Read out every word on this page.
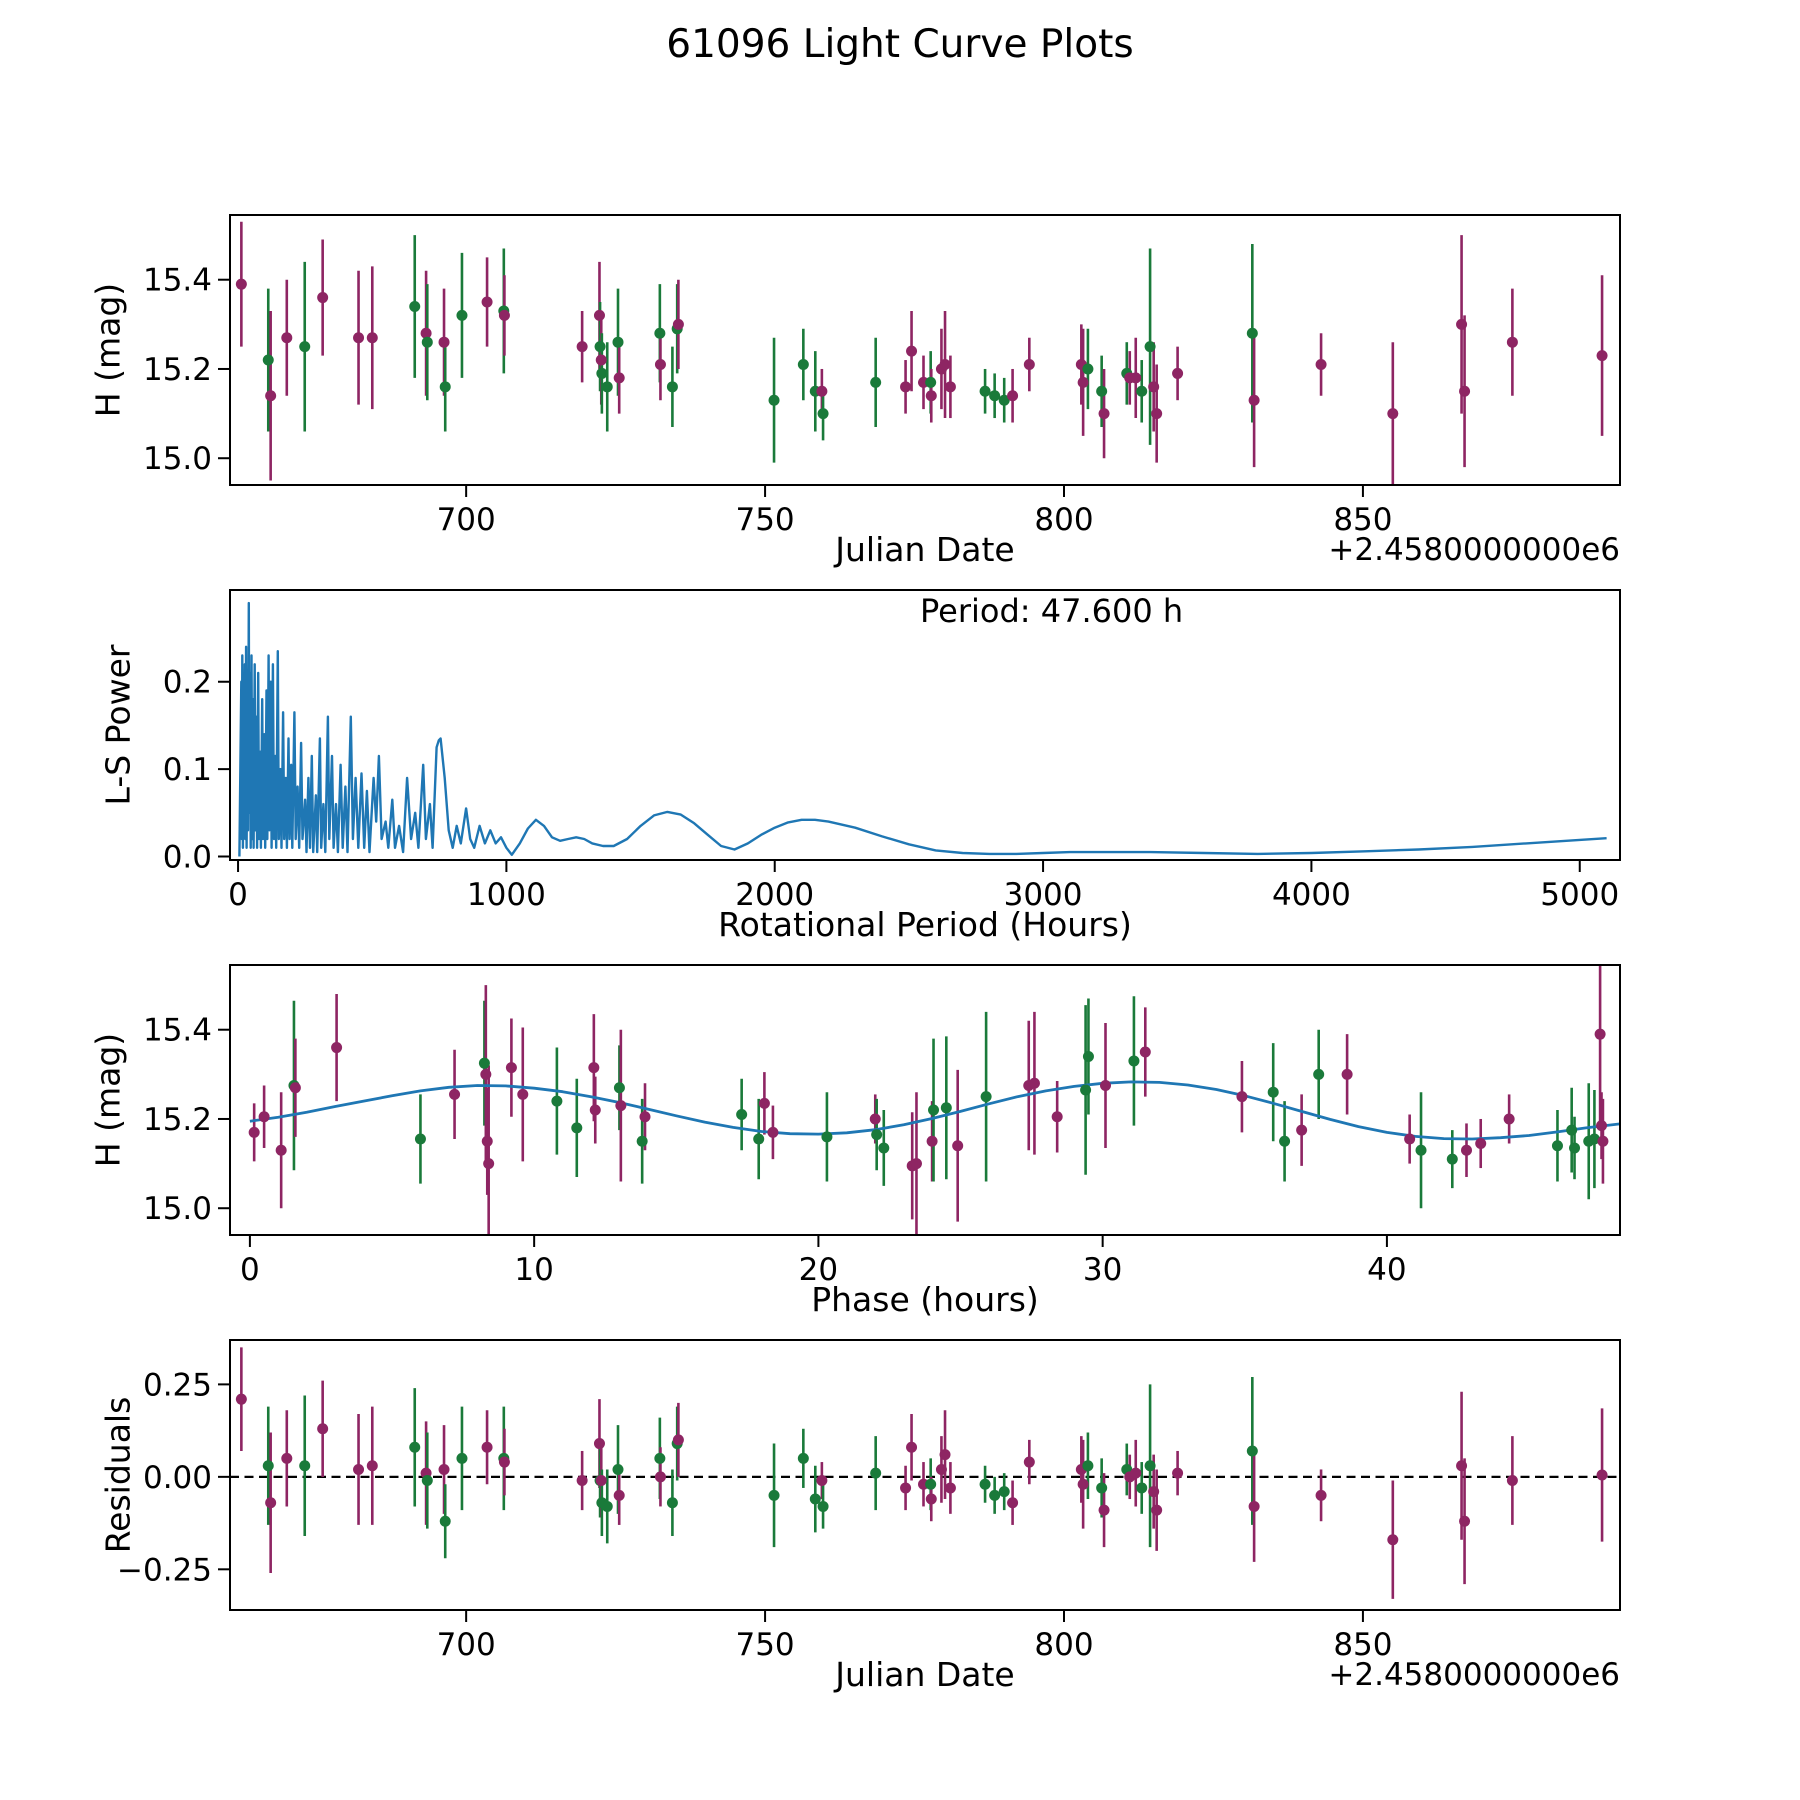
700	750	800	850
15.0
15.2
15.4
0	1000	2000	3000	4000	5000
0.0
0.1
0.2
0	10	20	30	40
15.0
15.2
15.4
700	750	800	850
−0.25
0.00
0.25
61096 Light Curve Plots
H (mag)
Julian Date	+2.4580000000e6
L-S Power
Rotational Period (Hours)
Period: 47.600 h
H (mag)
Phase (hours)
Residuals
Julian Date	+2.4580000000e6
